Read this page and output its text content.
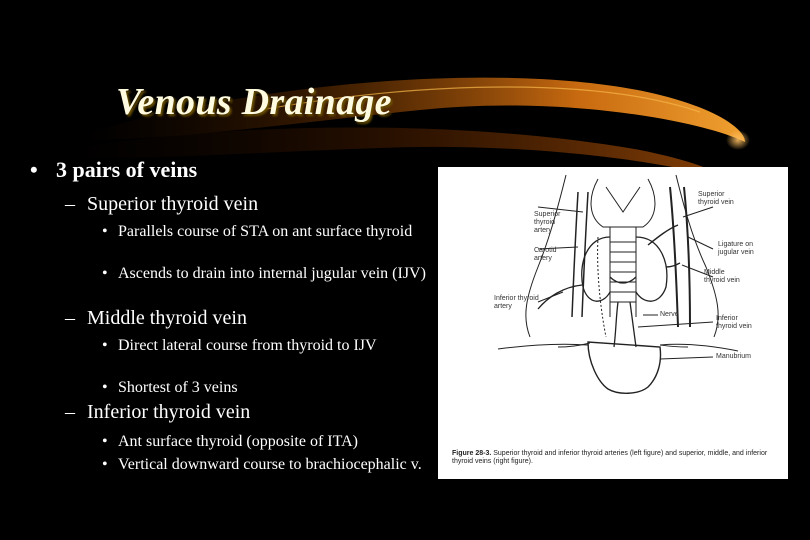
Venous Drainage
• 3 pairs of veins
– Superior thyroid vein
• Parallels course of STA on ant surface thyroid
• Ascends to drain into internal jugular vein (IJV)
– Middle thyroid vein
• Direct lateral course from thyroid to IJV
• Shortest of 3 veins
– Inferior thyroid vein
• Ant surface thyroid (opposite of ITA)
• Vertical downward course to brachiocephalic v.
Superior thyroid artery
Carotid artery
Inferior thyroid artery
Superior thyroid vein
Ligature on jugular vein
Middle thyroid vein
Inferior thyroid vein
Manubrium
Nerve
Figure 28-3. Superior thyroid and inferior thyroid arteries (left figure) and superior, middle, and inferior thyroid veins (right figure).
